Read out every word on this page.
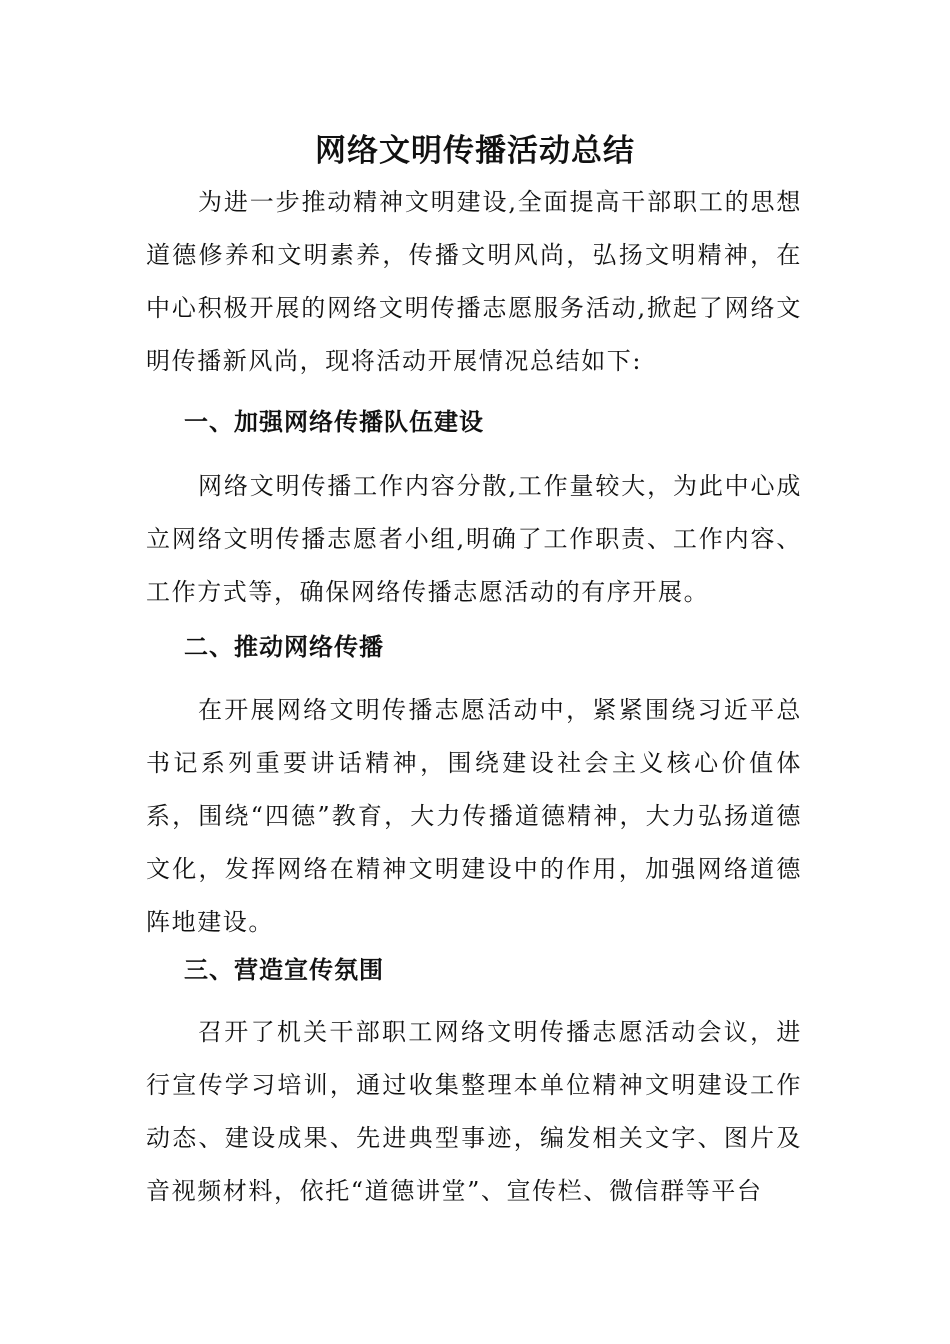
网络文明传播活动总结

为进一步推动精神文明建设,全面提高干部职工的思想道德修养和文明素养，传播文明风尚，弘扬文明精神，在中心积极开展的网络文明传播志愿服务活动,掀起了网络文明传播新风尚，现将活动开展情况总结如下:

一、加强网络传播队伍建设

网络文明传播工作内容分散,工作量较大，为此中心成立网络文明传播志愿者小组,明确了工作职责、工作内容、工作方式等，确保网络传播志愿活动的有序开展。

二、推动网络传播

在开展网络文明传播志愿活动中，紧紧围绕习近平总书记系列重要讲话精神，围绕建设社会主义核心价值体系，围绕“四德”教育，大力传播道德精神，大力弘扬道德文化，发挥网络在精神文明建设中的作用，加强网络道德阵地建设。

三、营造宣传氛围

召开了机关干部职工网络文明传播志愿活动会议，进行宣传学习培训，通过收集整理本单位精神文明建设工作动态、建设成果、先进典型事迹，编发相关文字、图片及音视频材料，依托“道德讲堂”、宣传栏、微信群等平台
